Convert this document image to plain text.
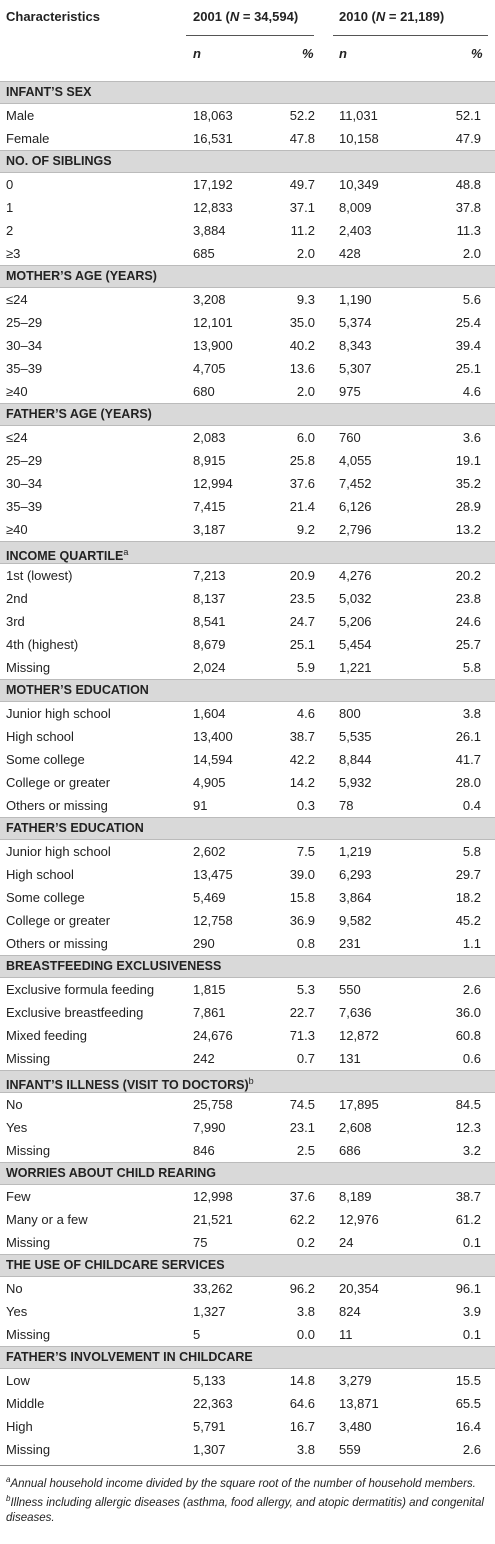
Characteristics	2001 (N = 34,594)	2010 (N = 21,189)
n	% n	%
INFANT’S SEX
Male	18,063	52.2 11,031	52.1
Female	16,531	47.8 10,158	47.9
NO. OF SIBLINGS
0	17,192	49.7 10,349	48.8
1	12,833	37.1 8,009	37.8
2	3,884	11.2 2,403	11.3
≥3	685	2.0 428	2.0
MOTHER’S AGE (YEARS)
≤24	3,208	9.3 1,190	5.6
25–29	12,101	35.0 5,374	25.4
30–34	13,900	40.2 8,343	39.4
35–39	4,705	13.6 5,307	25.1
≥40	680	2.0 975	4.6
FATHER’S AGE (YEARS)
≤24	2,083	6.0 760	3.6
25–29	8,915	25.8 4,055	19.1
30–34	12,994	37.6 7,452	35.2
35–39	7,415	21.4 6,126	28.9
≥40	3,187	9.2 2,796	13.2
INCOME QUARTILE$^a$
1st (lowest)	7,213	20.9 4,276	20.2
2nd	8,137	23.5 5,032	23.8
3rd	8,541	24.7 5,206	24.6
4th (highest)	8,679	25.1 5,454	25.7
Missing	2,024	5.9 1,221	5.8
MOTHER’S EDUCATION
Junior high school	1,604	4.6 800	3.8
High school	13,400	38.7 5,535	26.1
Some college	14,594	42.2 8,844	41.7
College or greater	4,905	14.2 5,932	28.0
Others or missing	91	0.3 78	0.4
FATHER’S EDUCATION
Junior high school	2,602	7.5 1,219	5.8
High school	13,475	39.0 6,293	29.7
Some college	5,469	15.8 3,864	18.2
College or greater	12,758	36.9 9,582	45.2
Others or missing	290	0.8 231	1.1
BREASTFEEDING EXCLUSIVENESS
Exclusive formula feeding	1,815	5.3 550	2.6
Exclusive breastfeeding	7,861	22.7 7,636	36.0
Mixed feeding	24,676	71.3 12,872	60.8
Missing	242	0.7 131	0.6
INFANT’S ILLNESS (VISIT TO DOCTORS)$^b$
No	25,758	74.5 17,895	84.5
Yes	7,990	23.1 2,608	12.3
Missing	846	2.5 686	3.2
WORRIES ABOUT CHILD REARING
Few	12,998	37.6 8,189	38.7
Many or a few	21,521	62.2 12,976	61.2
Missing	75	0.2 24	0.1
THE USE OF CHILDCARE SERVICES
No	33,262	96.2 20,354	96.1
Yes	1,327	3.8 824	3.9
Missing	5	0.0 11	0.1
FATHER’S INVOLVEMENT IN CHILDCARE
Low	5,133	14.8 3,279	15.5
Middle	22,363	64.6 13,871	65.5
High	5,791	16.7 3,480	16.4
Missing	1,307	3.8 559	2.6
$^a$Annual household income divided by the square root of the number of household members.
$^b$Illness including allergic diseases (asthma, food allergy, and atopic dermatitis) and congenital diseases.
